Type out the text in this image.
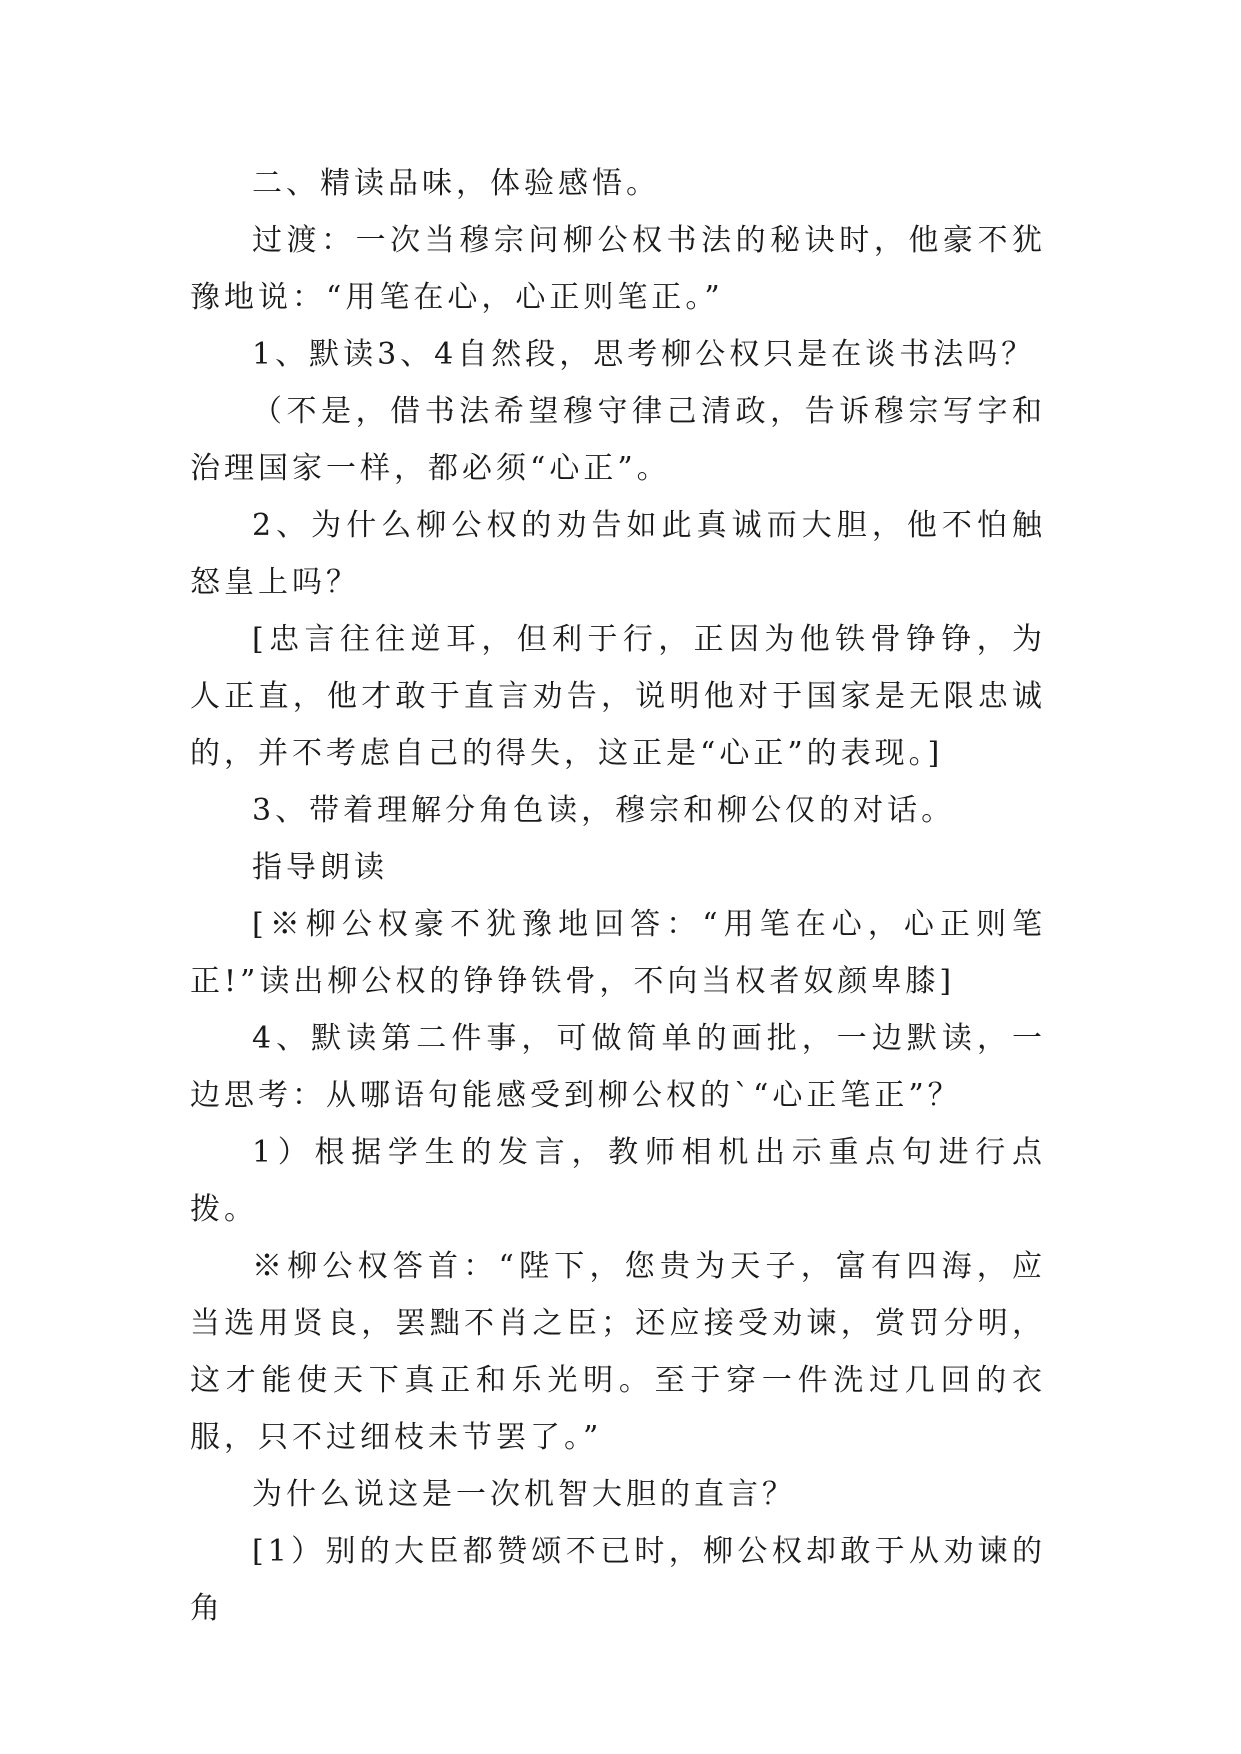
二、精读品味，体验感悟。

过渡：一次当穆宗问柳公权书法的秘诀时，他豪不犹豫地说：“用笔在心，心正则笔正。”

1、默读3、4自然段，思考柳公权只是在谈书法吗？

（不是，借书法希望穆守律己清政，告诉穆宗写字和治理国家一样，都必须“心正”。

2、为什么柳公权的劝告如此真诚而大胆，他不怕触怒皇上吗？

[忠言往往逆耳，但利于行，正因为他铁骨铮铮，为人正直，他才敢于直言劝告，说明他对于国家是无限忠诚的，并不考虑自己的得失，这正是“心正”的表现。]

3、带着理解分角色读，穆宗和柳公仅的对话。

指导朗读

[※柳公权豪不犹豫地回答：“用笔在心，心正则笔正!”读出柳公权的铮铮铁骨，不向当权者奴颜卑膝]

4、默读第二件事，可做简单的画批，一边默读，一边思考：从哪语句能感受到柳公权的`“心正笔正”？

1）根据学生的发言，教师相机出示重点句进行点拨。

※柳公权答首：“陛下，您贵为天子，富有四海，应当选用贤良，罢黜不肖之臣；还应接受劝谏，赏罚分明，这才能使天下真正和乐光明。至于穿一件洗过几回的衣服，只不过细枝未节罢了。”

为什么说这是一次机智大胆的直言？

[1）别的大臣都赞颂不已时，柳公权却敢于从劝谏的角
